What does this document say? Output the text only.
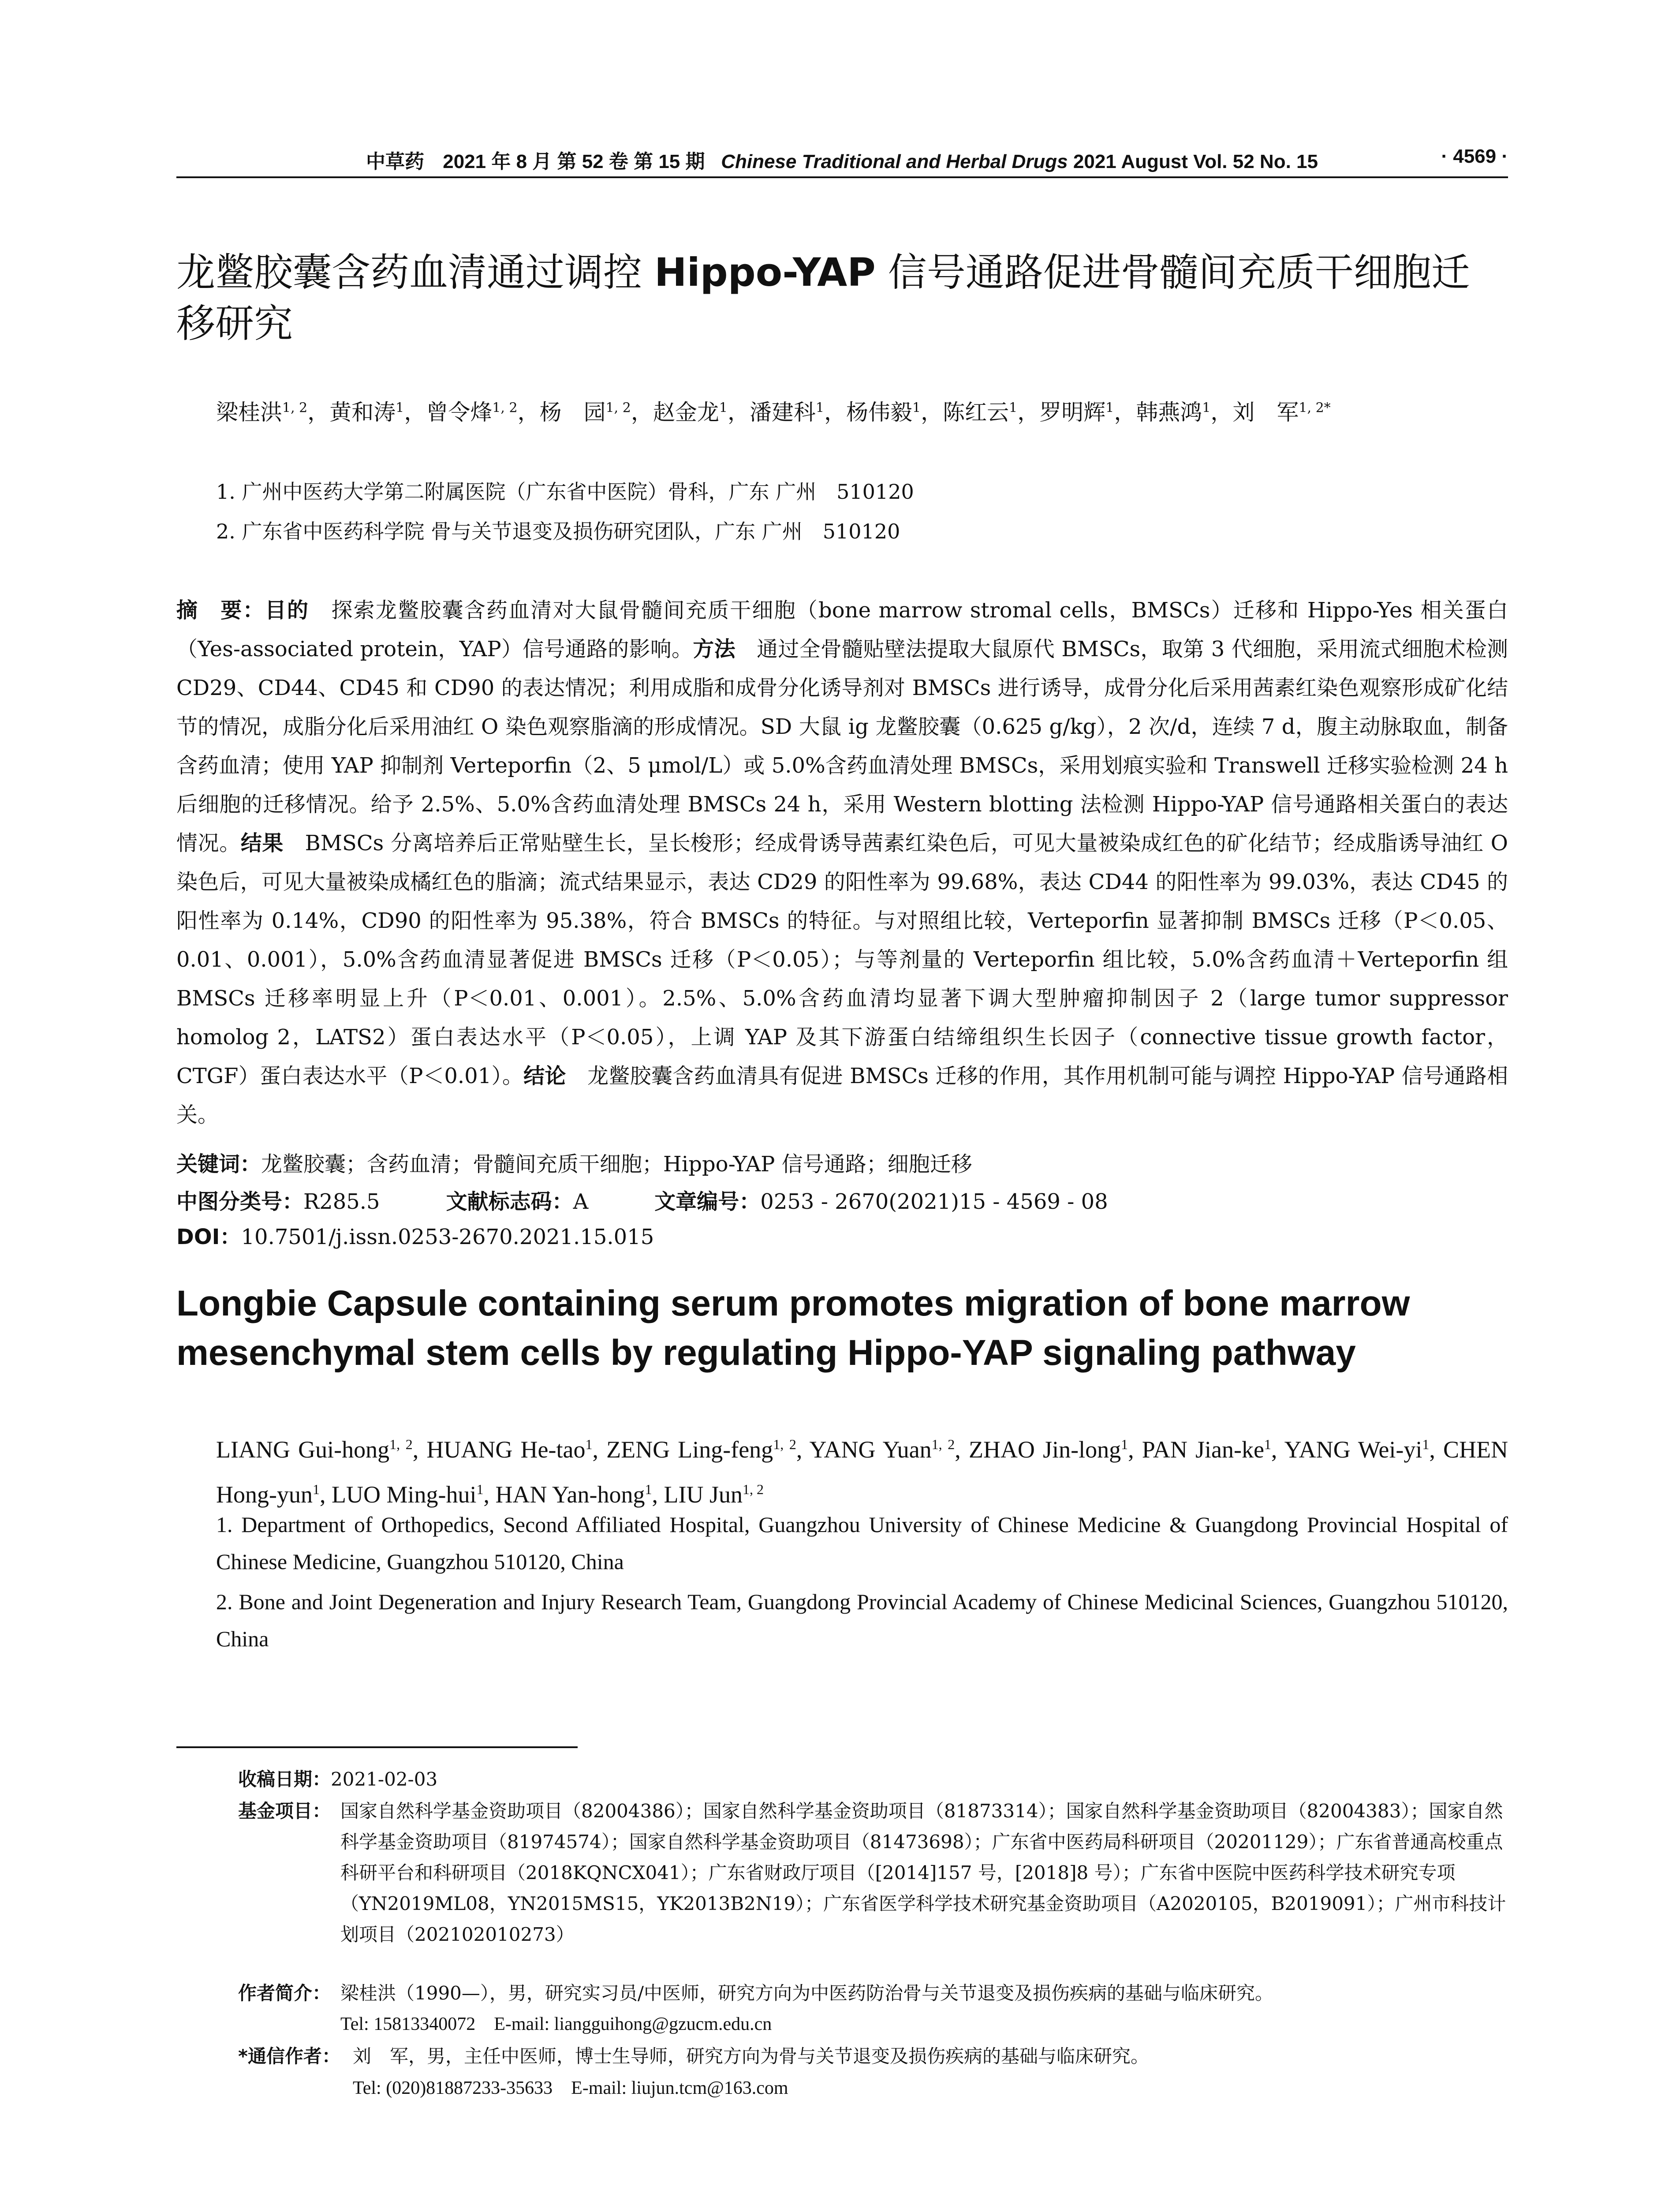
中草药 2021 年 8 月 第 52 卷 第 15 期 Chinese Traditional and Herbal Drugs 2021 August Vol. 52 No. 15	· 4569 ·
龙鳖胶囊含药血清通过调控 Hippo-YAP 信号通路促进骨髓间充质干细胞迁移研究
梁桂洪$^{1, 2}$，黄和涛$^1$，曾令烽$^{1, 2}$，杨　园$^{1, 2}$，赵金龙$^1$，潘建科$^1$，杨伟毅$^1$，陈红云$^1$，罗明辉$^1$，韩燕鸿$^1$，刘　军$^{1, 2*}$
1. 广州中医药大学第二附属医院（广东省中医院）骨科，广东 广州　510120
2. 广东省中医药科学院 骨与关节退变及损伤研究团队，广东 广州　510120
摘　要：目的　探索龙鳖胶囊含药血清对大鼠骨髓间充质干细胞（bone marrow stromal cells，BMSCs）迁移和 Hippo-Yes 相关蛋白（Yes-associated protein，YAP）信号通路的影响。方法　通过全骨髓贴壁法提取大鼠原代 BMSCs，取第 3 代细胞，采用流式细胞术检测 CD29、CD44、CD45 和 CD90 的表达情况；利用成脂和成骨分化诱导剂对 BMSCs 进行诱导，成骨分化后采用茜素红染色观察形成矿化结节的情况，成脂分化后采用油红 O 染色观察脂滴的形成情况。SD 大鼠 ig 龙鳖胶囊（0.625 g/kg），2 次/d，连续 7 d，腹主动脉取血，制备含药血清；使用 YAP 抑制剂 Verteporfin（2、5 μmol/L）或 5.0%含药血清处理 BMSCs，采用划痕实验和 Transwell 迁移实验检测 24 h 后细胞的迁移情况。给予 2.5%、5.0%含药血清处理 BMSCs 24 h，采用 Western blotting 法检测 Hippo-YAP 信号通路相关蛋白的表达情况。结果　BMSCs 分离培养后正常贴壁生长，呈长梭形；经成骨诱导茜素红染色后，可见大量被染成红色的矿化结节；经成脂诱导油红 O 染色后，可见大量被染成橘红色的脂滴；流式结果显示，表达 CD29 的阳性率为 99.68%，表达 CD44 的阳性率为 99.03%，表达 CD45 的阳性率为 0.14%，CD90 的阳性率为 95.38%，符合 BMSCs 的特征。与对照组比较，Verteporfin 显著抑制 BMSCs 迁移（P＜0.05、0.01、0.001），5.0%含药血清显著促进 BMSCs 迁移（P＜0.05）；与等剂量的 Verteporfin 组比较，5.0%含药血清＋Verteporfin 组 BMSCs 迁移率明显上升（P＜0.01、0.001）。2.5%、5.0%含药血清均显著下调大型肿瘤抑制因子 2（large tumor suppressor homolog 2，LATS2）蛋白表达水平（P＜0.05），上调 YAP 及其下游蛋白结缔组织生长因子（connective tissue growth factor，CTGF）蛋白表达水平（P＜0.01）。结论　龙鳖胶囊含药血清具有促进 BMSCs 迁移的作用，其作用机制可能与调控 Hippo-YAP 信号通路相关。
关键词：龙鳖胶囊；含药血清；骨髓间充质干细胞；Hippo-YAP 信号通路；细胞迁移
中图分类号：R285.5	文献标志码：A	文章编号：0253 - 2670(2021)15 - 4569 - 08
DOI：10.7501/j.issn.0253-2670.2021.15.015
Longbie Capsule containing serum promotes migration of bone marrow mesenchymal stem cells by regulating Hippo-YAP signaling pathway
LIANG Gui-hong$^{1, 2}$, HUANG He-tao$^1$, ZENG Ling-feng$^{1, 2}$, YANG Yuan$^{1, 2}$, ZHAO Jin-long$^1$, PAN Jian-$ke^1$, YANG Wei-$yi^1$, CHEN Hong-yun$^1$, LUO Ming-hui$^1$, HAN Yan-hong$^1$, LIU Jun$^{1, 2}$
1. Department of Orthopedics, Second Affiliated Hospital, Guangzhou University of Chinese Medicine & Guangdong Provincial Hospital of Chinese Medicine, Guangzhou 510120, China
2. Bone and Joint Degeneration and Injury Research Team, Guangdong Provincial Academy of Chinese Medicinal Sciences, Guangzhou 510120, China
收稿日期：2021-02-03
基金项目： 国家自然科学基金资助项目（82004386）；国家自然科学基金资助项目（81873314）；国家自然科学基金资助项目（82004383）；国家自然科学基金资助项目（81974574）；国家自然科学基金资助项目（81473698）；广东省中医药局科研项目（20201129）；广东省普通高校重点科研平台和科研项目（2018KQNCX041）；广东省财政厅项目（[2014]157 号，[2018]8 号）；广东省中医院中医药科学技术研究专项（YN2019ML08，YN2015MS15，YK2013B2N19）；广东省医学科学技术研究基金资助项目（A2020105，B2019091）；广州市科技计划项目（202102010273）
作者简介： 梁桂洪（1990—），男，研究实习员/中医师，研究方向为中医药防治骨与关节退变及损伤疾病的基础与临床研究。
Tel: 15813340072　E-mail: liangguihong@gzucm.edu.cn
*通信作者： 刘　军，男，主任中医师，博士生导师，研究方向为骨与关节退变及损伤疾病的基础与临床研究。
Tel: (020)81887233-35633　E-mail: liujun.tcm@163.com
